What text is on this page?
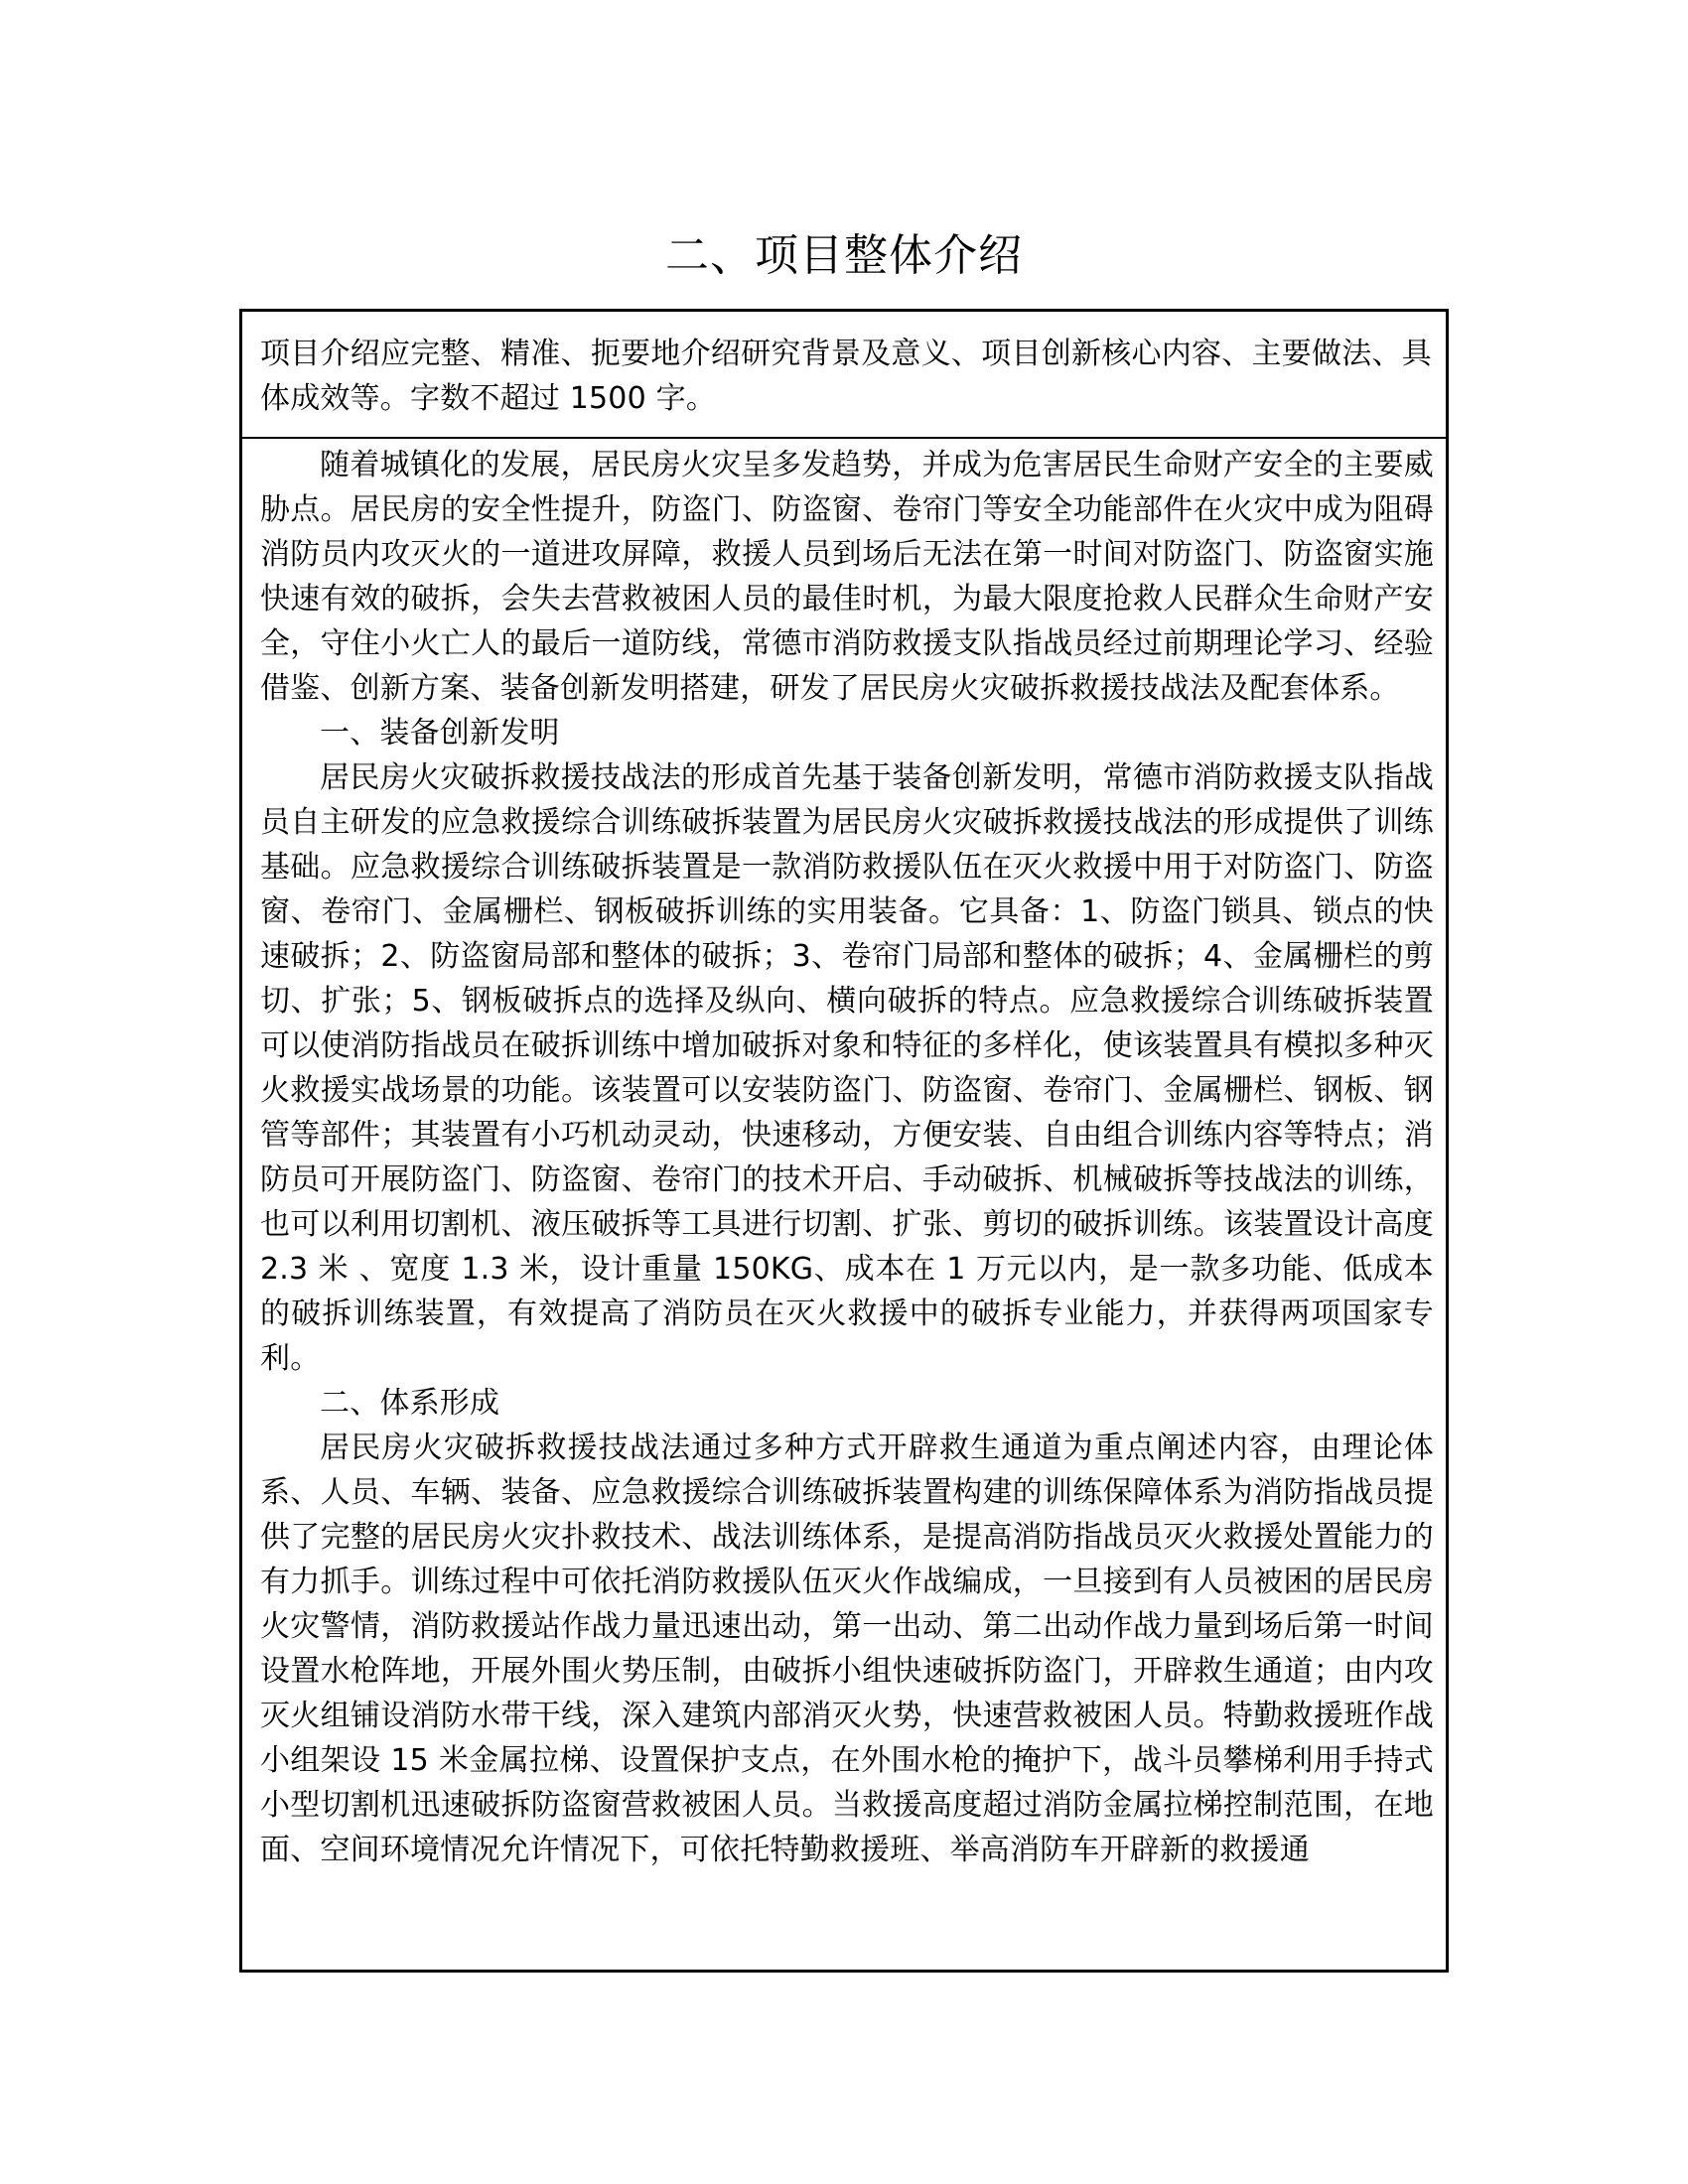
二、项目整体介绍

项目介绍应完整、精准、扼要地介绍研究背景及意义、项目创新核心内容、主要做法、具体成效等。字数不超过 1500 字。

随着城镇化的发展，居民房火灾呈多发趋势，并成为危害居民生命财产安全的主要威胁点。居民房的安全性提升，防盗门、防盗窗、卷帘门等安全功能部件在火灾中成为阻碍消防员内攻灭火的一道进攻屏障，救援人员到场后无法在第一时间对防盗门、防盗窗实施快速有效的破拆，会失去营救被困人员的最佳时机，为最大限度抢救人民群众生命财产安全，守住小火亡人的最后一道防线，常德市消防救援支队指战员经过前期理论学习、经验借鉴、创新方案、装备创新发明搭建，研发了居民房火灾破拆救援技战法及配套体系。

一、装备创新发明

居民房火灾破拆救援技战法的形成首先基于装备创新发明，常德市消防救援支队指战员自主研发的应急救援综合训练破拆装置为居民房火灾破拆救援技战法的形成提供了训练基础。应急救援综合训练破拆装置是一款消防救援队伍在灭火救援中用于对防盗门、防盗窗、卷帘门、金属栅栏、钢板破拆训练的实用装备。它具备：1、防盗门锁具、锁点的快速破拆；2、防盗窗局部和整体的破拆；3、卷帘门局部和整体的破拆；4、金属栅栏的剪切、扩张；5、钢板破拆点的选择及纵向、横向破拆的特点。应急救援综合训练破拆装置可以使消防指战员在破拆训练中增加破拆对象和特征的多样化，使该装置具有模拟多种灭火救援实战场景的功能。该装置可以安装防盗门、防盗窗、卷帘门、金属栅栏、钢板、钢管等部件；其装置有小巧机动灵动，快速移动，方便安装、自由组合训练内容等特点；消防员可开展防盗门、防盗窗、卷帘门的技术开启、手动破拆、机械破拆等技战法的训练，也可以利用切割机、液压破拆等工具进行切割、扩张、剪切的破拆训练。该装置设计高度 2.3 米 、宽度 1.3 米，设计重量 150KG、成本在 1 万元以内，是一款多功能、低成本的破拆训练装置，有效提高了消防员在灭火救援中的破拆专业能力，并获得两项国家专利。

二、体系形成

居民房火灾破拆救援技战法通过多种方式开辟救生通道为重点阐述内容，由理论体系、人员、车辆、装备、应急救援综合训练破拆装置构建的训练保障体系为消防指战员提供了完整的居民房火灾扑救技术、战法训练体系，是提高消防指战员灭火救援处置能力的有力抓手。训练过程中可依托消防救援队伍灭火作战编成，一旦接到有人员被困的居民房火灾警情，消防救援站作战力量迅速出动，第一出动、第二出动作战力量到场后第一时间设置水枪阵地，开展外围火势压制，由破拆小组快速破拆防盗门，开辟救生通道；由内攻灭火组铺设消防水带干线，深入建筑内部消灭火势，快速营救被困人员。特勤救援班作战小组架设 15 米金属拉梯、设置保护支点，在外围水枪的掩护下，战斗员攀梯利用手持式小型切割机迅速破拆防盗窗营救被困人员。当救援高度超过消防金属拉梯控制范围，在地面、空间环境情况允许情况下，可依托特勤救援班、举高消防车开辟新的救援通
